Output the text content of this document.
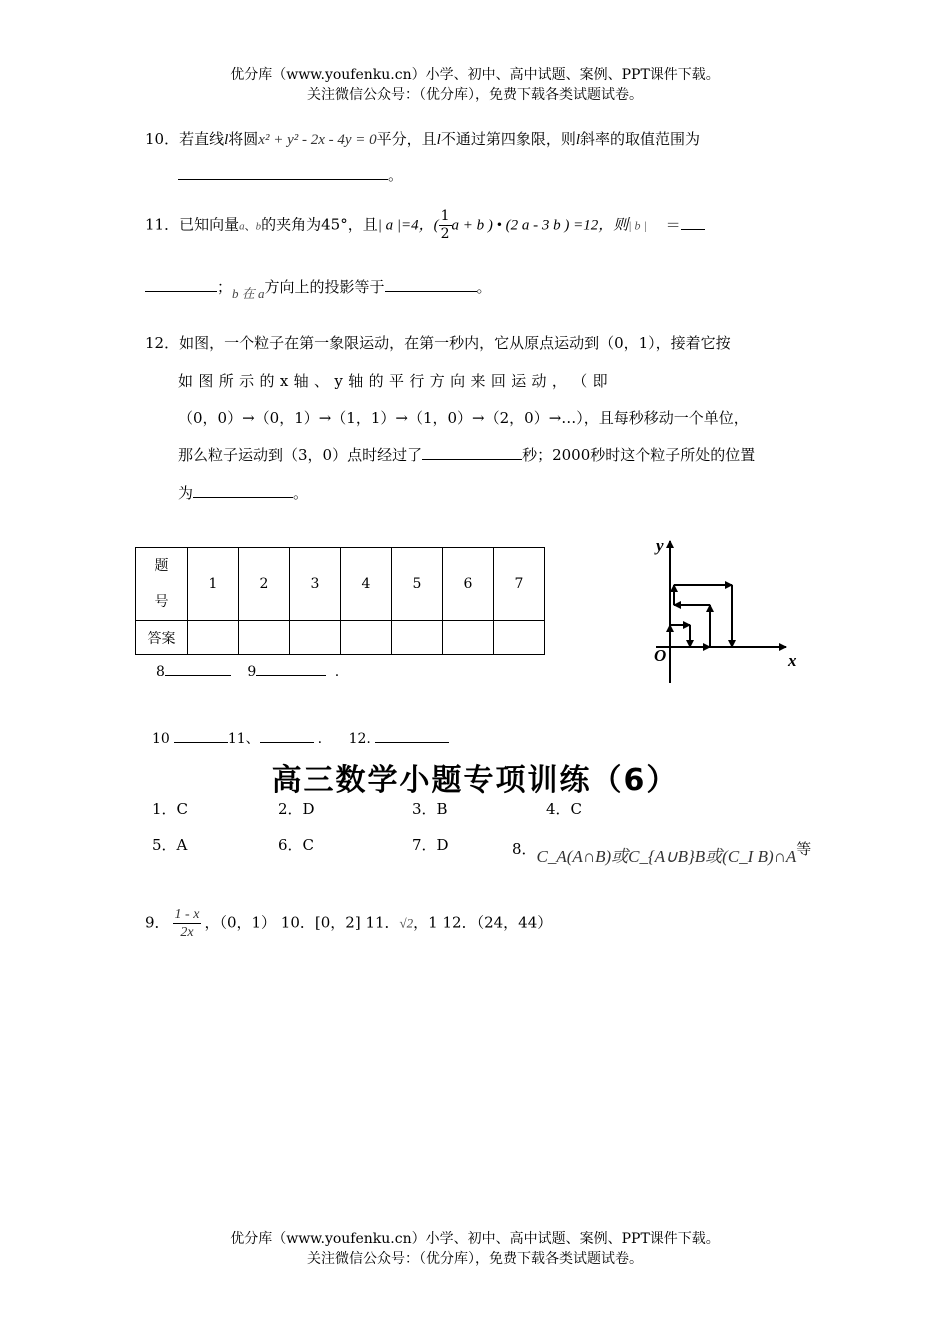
优分库（www.youfenku.cn）小学、初中、高中试题、案例、PPT课件下载。
关注微信公众号：（优分库），免费下载各类试题试卷。
10．若直线l将圆x² + y² - 2x - 4y = 0平分，且l不通过第四象限，则l斜率的取值范围为
。
11．已知向量a、b的夹角为45°，且| a |=4，( $\frac{1}{2}$ a + b ) • (2 a - 3 b ) =12，则| b | ＝
；b 在 a方向上的投影等于	。
12．如图，一个粒子在第一象限运动，在第一秒内，它从原点运动到（0，1），接着它按
如 图 所 示 的 x 轴 、 y 轴 的 平 行 方 向 来 回 运 动 ， （ 即
（0，0）→（0，1）→（1，1）→（1，0）→（2，0）→…），且每秒移动一个单位，
那么粒子运动到（3，0）点时经过了	秒；2000秒时这个粒子所处的位置
为	。
题
号	1	2	3	4	5	6	7
答案							
8	9	.
y
x
O
10	11、	. 12.
高三数学小题专项训练（6）
1．C	2．D	3．B	4．C
5．A	6．C	7．D	8．C_A(A∩B)或C_{A∪B}B或(C_I B)∩A等
9． $\frac{1 - x}{2x}$ ，（0，1） 10．[0，2] 11．√2，1 12．（24，44）
优分库（www.youfenku.cn）小学、初中、高中试题、案例、PPT课件下载。
关注微信公众号：（优分库），免费下载各类试题试卷。
